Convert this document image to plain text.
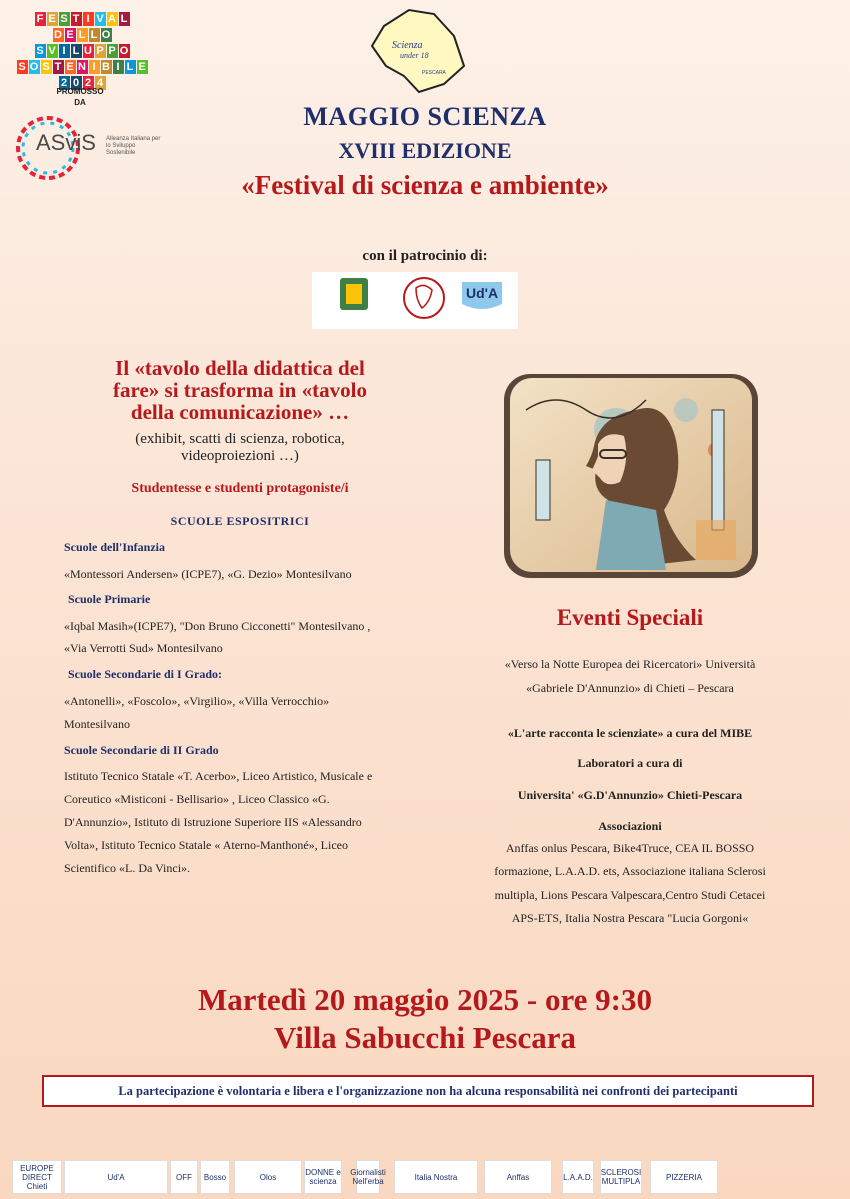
F E S T I V A L
D E L L O
S V I L U P P O
S O S T E N I B I L E
2 0 2 4
PROMOSSO
DA
ASviS Alleanza Italiana per lo Sviluppo Sostenibile
Scienza
under 18
PESCARA
MAGGIO SCIENZA
XVIII EDIZIONE
«Festival di scienza e ambiente»
con il patrocinio di:
Ud'A
Il «tavolo della didattica del
fare» si trasforma in «tavolo
della comunicazione» …
(exhibit, scatti di scienza, robotica,
videoproiezioni …)
Studentesse e studenti protagoniste/i
SCUOLE ESPOSITRICI
Scuole dell'Infanzia
«Montessori Andersen» (ICPE7), «G. Dezio» Montesilvano
Scuole Primarie
«Iqbal Masih»(ICPE7), "Don Bruno Cicconetti" Montesilvano ,
«Via Verrotti Sud» Montesilvano
Scuole Secondarie di I Grado:
«Antonelli», «Foscolo», «Virgilio», «Villa Verrocchio»
Montesilvano
Scuole Secondarie di II Grado
Istituto Tecnico Statale «T. Acerbo», Liceo Artistico, Musicale e
Coreutico «Misticoni - Bellisario» , Liceo Classico «G.
D'Annunzio», Istituto di Istruzione Superiore IIS «Alessandro
Volta», Istituto Tecnico Statale « Aterno-Manthoné», Liceo
Scientifico «L. Da Vinci».
Eventi Speciali
«Verso la Notte Europea dei Ricercatori» Università
«Gabriele D'Annunzio» di Chieti – Pescara
«L'arte racconta le scienziate» a cura del MIBE
Laboratori a cura di
Universita' «G.D'Annunzio» Chieti-Pescara
Associazioni
Anffas onlus Pescara, Bike4Truce, CEA IL BOSSO
formazione, L.A.A.D. ets, Associazione italiana Sclerosi
multipla, Lions Pescara Valpescara,Centro Studi Cetacei
APS-ETS, Italia Nostra Pescara "Lucia Gorgoni«
Martedì 20 maggio 2025 - ore 9:30
Villa Sabucchi Pescara
La partecipazione è volontaria e libera e l'organizzazione non ha alcuna responsabilità nei confronti dei partecipanti
EUROPE DIRECT Chieti
Ud'A	OFF	Bosso	Olos	DONNE e scienza
Giornalisti Nell'erba	Italia Nostra	Anffas	L.A.A.D. SCLEROSI MULTIPLA	PIZZERIA
